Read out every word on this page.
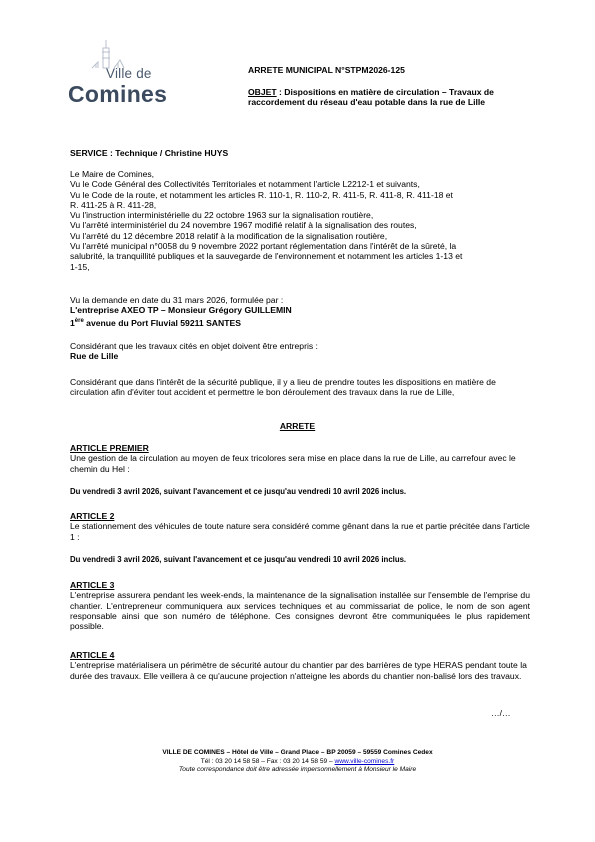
Ville de
Comines
ARRETE MUNICIPAL N°STPM2026-125
OBJET : Dispositions en matière de circulation – Travaux de raccordement du réseau d'eau potable dans la rue de Lille
SERVICE : Technique / Christine HUYS
Le Maire de Comines,
Vu le Code Général des Collectivités Territoriales et notamment l'article L2212-1 et suivants,
Vu le Code de la route, et notamment les articles R. 110-1, R. 110-2, R. 411-5, R. 411-8, R. 411-18 et
R. 411-25 à R. 411-28,
Vu l'instruction interministérielle du 22 octobre 1963 sur la signalisation routière,
Vu l'arrêté interministériel du 24 novembre 1967 modifié relatif à la signalisation des routes,
Vu l'arrêté du 12 décembre 2018 relatif à la modification de la signalisation routière,
Vu l'arrêté municipal n°0058 du 9 novembre 2022 portant réglementation dans l'intérêt de la sûreté, la
salubrité, la tranquillité publiques et la sauvegarde de l'environnement et notamment les articles 1-13 et
1-15,
Vu la demande en date du 31 mars 2026, formulée par :
L'entreprise AXEO TP – Monsieur Grégory GUILLEMIN
1ère avenue du Port Fluvial 59211 SANTES
Considérant que les travaux cités en objet doivent être entrepris :
Rue de Lille
Considérant que dans l'intérêt de la sécurité publique, il y a lieu de prendre toutes les dispositions en matière de circulation afin d'éviter tout accident et permettre le bon déroulement des travaux dans la rue de Lille,
ARRETE
ARTICLE PREMIER
Une gestion de la circulation au moyen de feux tricolores sera mise en place dans la rue de Lille, au carrefour avec le chemin du Hel :
Du vendredi 3 avril 2026, suivant l'avancement et ce jusqu'au vendredi 10 avril 2026 inclus.
ARTICLE 2
Le stationnement des véhicules de toute nature sera considéré comme gênant dans la rue et partie précitée dans l'article 1 :
Du vendredi 3 avril 2026, suivant l'avancement et ce jusqu'au vendredi 10 avril 2026 inclus.
ARTICLE 3
L'entreprise assurera pendant les week-ends, la maintenance de la signalisation installée sur l'ensemble de l'emprise du chantier. L'entrepreneur communiquera aux services techniques et au commissariat de police, le nom de son agent responsable ainsi que son numéro de téléphone. Ces consignes devront être communiquées le plus rapidement possible.
ARTICLE 4
L'entreprise matérialisera un périmètre de sécurité autour du chantier par des barrières de type HERAS pendant toute la durée des travaux. Elle veillera à ce qu'aucune projection n'atteigne les abords du chantier non-balisé lors des travaux.
…/…
VILLE DE COMINES – Hôtel de Ville – Grand Place – BP 20059 – 59559 Comines Cedex
Tél : 03 20 14 58 58 – Fax : 03 20 14 58 59 – www.ville-comines.fr
Toute correspondance doit être adressée impersonnellement à Monsieur le Maire
